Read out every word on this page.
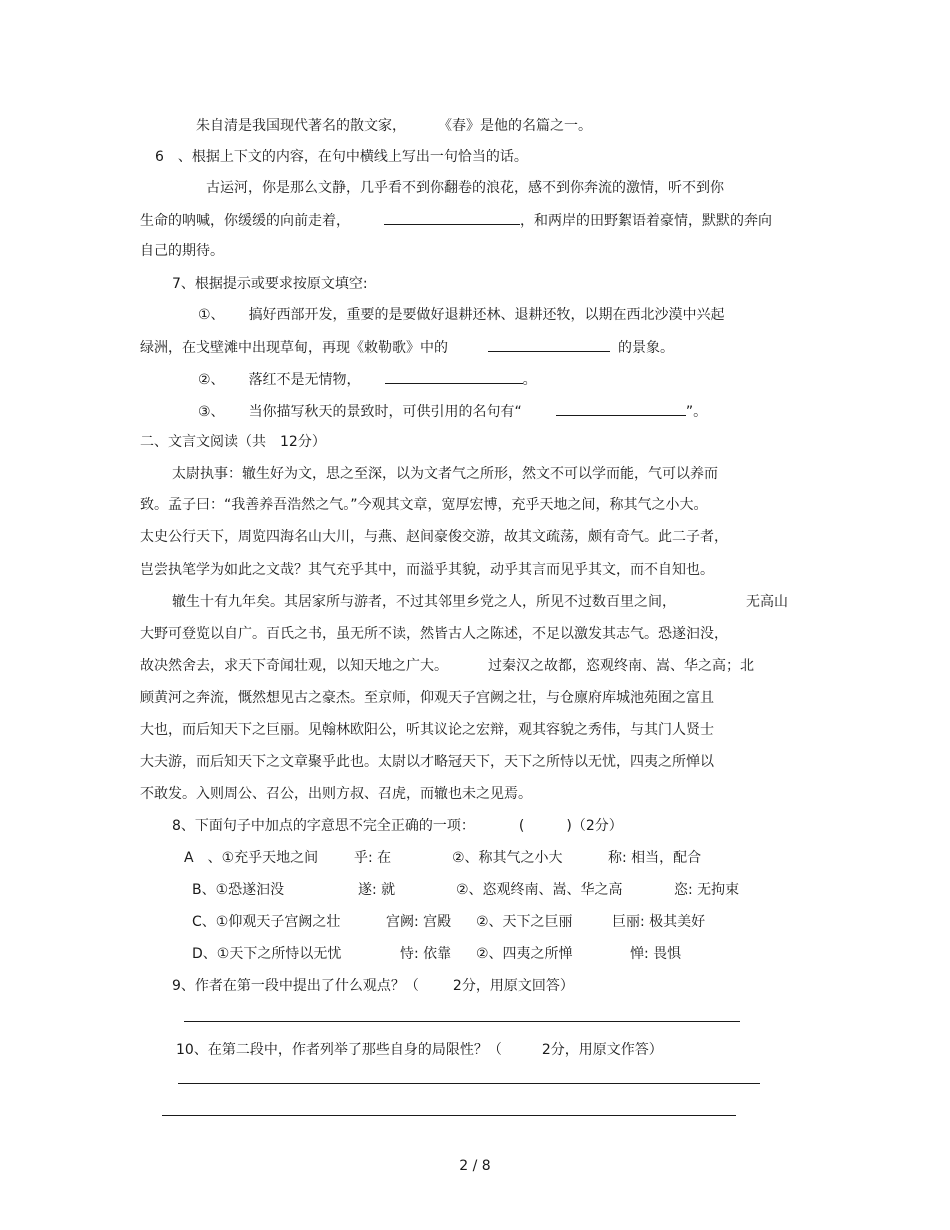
朱自清是我国现代著名的散文家， 《春》是他的名篇之一。
6　、根据上下文的内容，在句中横线上写出一句恰当的话。
古运河，你是那么文静，几乎看不到你翻卷的浪花，感不到你奔流的激情，听不到你
生命的呐喊，你缓缓的向前走着，	，和两岸的田野絮语着豪情，默默的奔向
自己的期待。
7、根据提示或要求按原文填空:
①、 搞好西部开发，重要的是要做好退耕还林、退耕还牧，以期在西北沙漠中兴起
绿洲，在戈壁滩中出现草甸，再现《敕勒歌》中的	的景象。
②、 落红不是无情物，	。
③、 当你描写秋天的景致时，可供引用的名句有“	”。
二、文言文阅读（共　12分）
太尉执事：辙生好为文，思之至深，以为文者气之所形，然文不可以学而能，气可以养而
致。孟子曰：“我善养吾浩然之气。”今观其文章，宽厚宏博，充乎天地之间，称其气之小大。
太史公行天下，周览四海名山大川，与燕、赵间豪俊交游，故其文疏荡，颇有奇气。此二子者，
岂尝执笔学为如此之文哉？其气充乎其中，而溢乎其貌，动乎其言而见乎其文，而不自知也。
辙生十有九年矣。其居家所与游者，不过其邻里乡党之人，所见不过数百里之间，	无高山
大野可登览以自广。百氏之书，虽无所不读，然皆古人之陈述，不足以激发其志气。恐遂汩没，
故决然舍去，求天下奇闻壮观，以知天地之广大。	过秦汉之故都，恣观终南、嵩、华之高；北
顾黄河之奔流，慨然想见古之豪杰。至京师，仰观天子宫阙之壮，与仓廪府库城池苑囿之富且
大也，而后知天下之巨丽。见翰林欧阳公，听其议论之宏辩，观其容貌之秀伟，与其门人贤士
大夫游，而后知天下之文章聚乎此也。太尉以才略冠天下，天下之所恃以无忧，四夷之所惮以
不敢发。入则周公、召公，出则方叔、召虎，而辙也未之见焉。
8、下面句子中加点的字意思不完全正确的一项：	(　　　)（2分）
A　、①充乎天地之间	乎: 在	②、称其气之小大	称: 相当，配合
B、①恐遂汩没	遂: 就	②、恣观终南、嵩、华之高	恣: 无拘束
C、①仰观天子宫阙之壮	宫阙: 宫殿 ②、天下之巨丽	巨丽: 极其美好
D、①天下之所恃以无忧	恃: 依靠 ②、四夷之所惮	惮: 畏惧
9、作者在第一段中提出了什么观点？（ 2分，用原文回答）
10、在第二段中，作者列举了那些自身的局限性？（	2分，用原文作答）
2 / 8
